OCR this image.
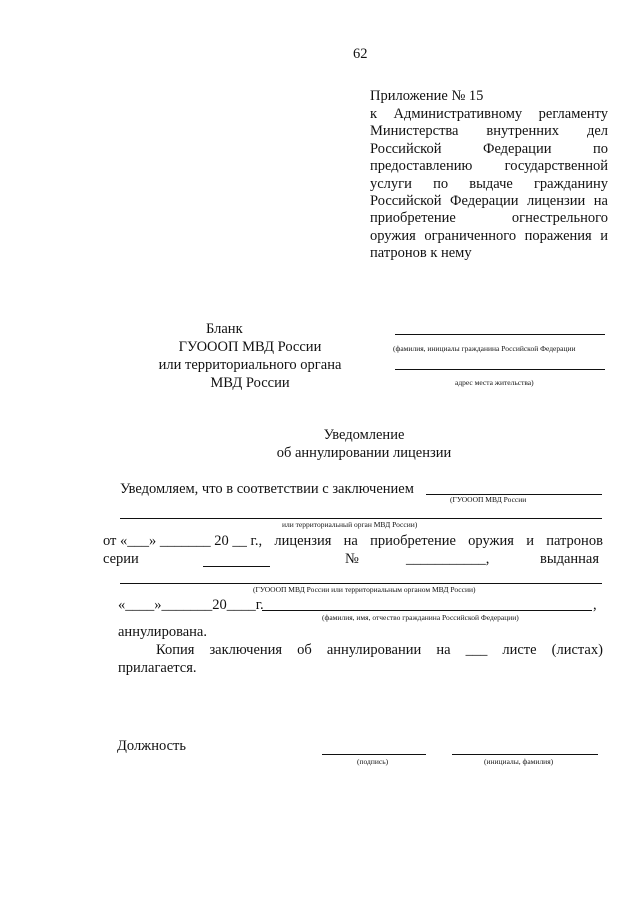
62
Приложение № 15
к Административному регламенту
Министерства внутренних дел
Российской	Федерации	по
предоставлению государственной
услуги по выдаче гражданину
Российской Федерации лицензии на
приобретение	огнестрельного
оружия ограниченного поражения и
патронов к нему
Бланк
ГУОООП МВД России
или территориального органа
МВД России
(фамилия, инициалы гражданина Российской Федерации
адрес места жительства)
Уведомление
об аннулировании лицензии
Уведомляем, что в соответствии с заключением
(ГУОООП МВД России
или территориальный орган МВД России)
от «___» _______ 20 __ г., лицензия на приобретение оружия и патронов
серии	№	___________,	выданная
(ГУОООП МВД России или территориальным органом МВД России)
«____»_______20____г.	,
(фамилия, имя, отчество гражданина Российской Федерации)
аннулирована.
Копия заключения об аннулировании на ___ листе (листах)
прилагается.
Должность
(подпись)	(инициалы, фамилия)
